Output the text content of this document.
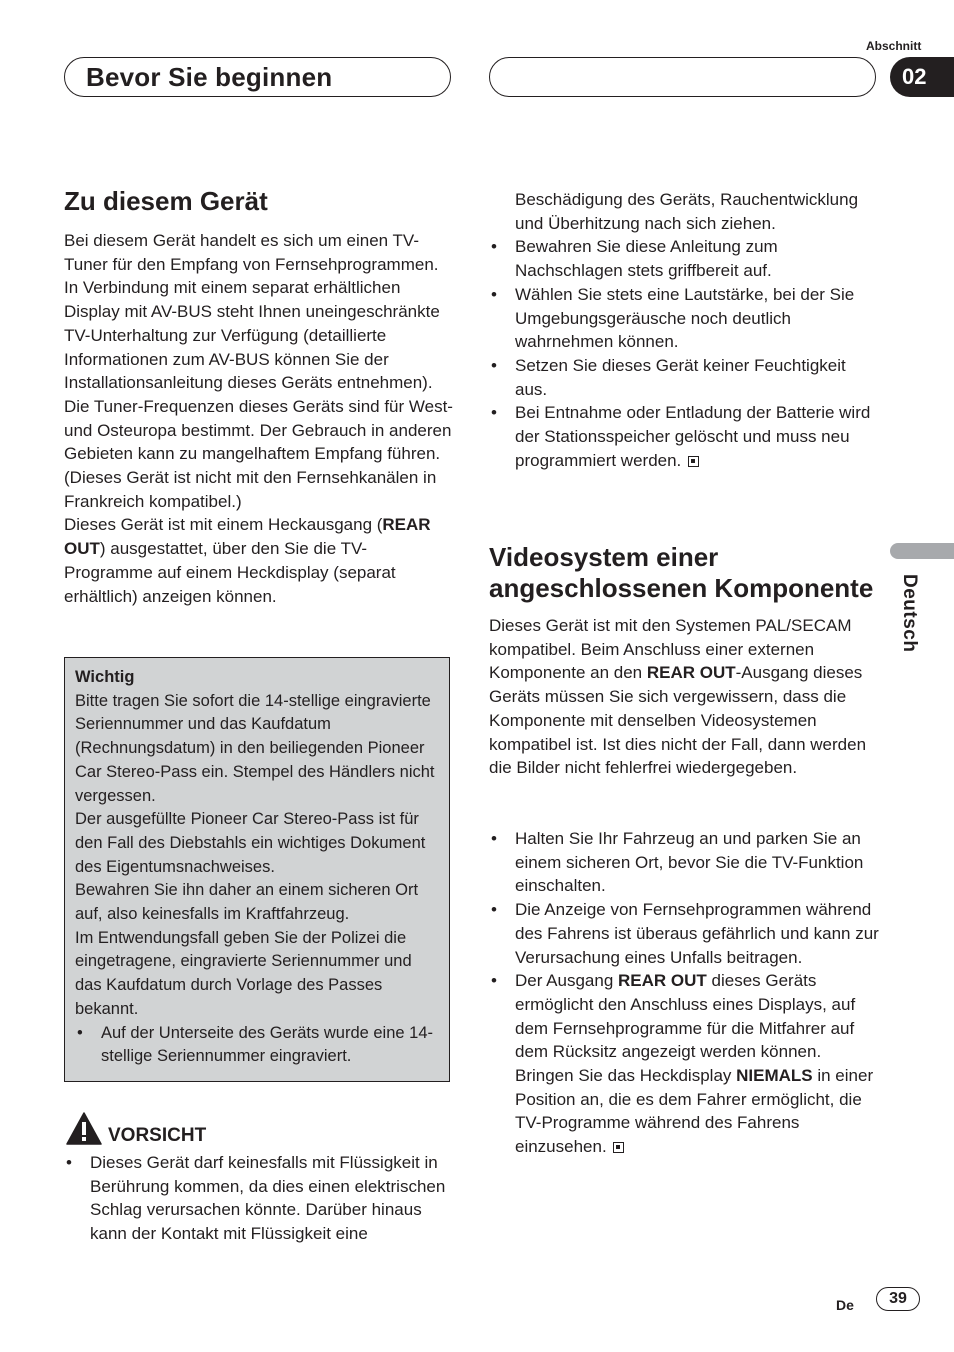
Bevor Sie beginnen
Abschnitt
02
Deutsch
Zu diesem Gerät

Bei diesem Gerät handelt es sich um einen TV-Tuner für den Empfang von Fernsehprogrammen. In Verbindung mit einem separat erhältlichen Display mit AV-BUS steht Ihnen uneingeschränkte TV-Unterhaltung zur Verfügung (detaillierte Informationen zum AV-BUS können Sie der Installationsanleitung dieses Geräts entnehmen). Die Tuner-Frequenzen dieses Geräts sind für West- und Osteuropa bestimmt. Der Gebrauch in anderen Gebieten kann zu mangelhaftem Empfang führen. (Dieses Gerät ist nicht mit den Fernsehkanälen in Frankreich kompatibel.)

Dieses Gerät ist mit einem Heckausgang (REAR OUT) ausgestattet, über den Sie die TV-Programme auf einem Heckdisplay (separat erhältlich) anzeigen können.

Wichtig

Bitte tragen Sie sofort die 14-stellige eingravierte Seriennummer und das Kaufdatum (Rechnungsdatum) in den beiliegenden Pioneer Car Stereo-Pass ein. Stempel des Händlers nicht vergessen.

Der ausgefüllte Pioneer Car Stereo-Pass ist für den Fall des Diebstahls ein wichtiges Dokument des Eigentumsnachweises.

Bewahren Sie ihn daher an einem sicheren Ort auf, also keinesfalls im Kraftfahrzeug.

Im Entwendungsfall geben Sie der Polizei die eingetragene, eingravierte Seriennummer und das Kaufdatum durch Vorlage des Passes bekannt.

• Auf der Unterseite des Geräts wurde eine 14-stellige Seriennummer eingraviert.
VORSICHT
• Dieses Gerät darf keinesfalls mit Flüssigkeit in Berührung kommen, da dies einen elektrischen Schlag verursachen könnte. Darüber hinaus kann der Kontakt mit Flüssigkeit eine
Beschädigung des Geräts, Rauchentwicklung und Überhitzung nach sich ziehen.
• Bewahren Sie diese Anleitung zum Nachschlagen stets griffbereit auf.
• Wählen Sie stets eine Lautstärke, bei der Sie Umgebungsgeräusche noch deutlich wahrnehmen können.
• Setzen Sie dieses Gerät keiner Feuchtigkeit aus.
• Bei Entnahme oder Entladung der Batterie wird der Stationsspeicher gelöscht und muss neu programmiert werden.
Videosystem einer angeschlossenen Komponente

Dieses Gerät ist mit den Systemen PAL/SECAM kompatibel. Beim Anschluss einer externen Komponente an den REAR OUT-Ausgang dieses Geräts müssen Sie sich vergewissern, dass die Komponente mit denselben Videosystemen kompatibel ist. Ist dies nicht der Fall, dann werden die Bilder nicht fehlerfrei wiedergegeben.

• Halten Sie Ihr Fahrzeug an und parken Sie an einem sicheren Ort, bevor Sie die TV-Funktion einschalten.
• Die Anzeige von Fernsehprogrammen während des Fahrens ist überaus gefährlich und kann zur Verursachung eines Unfalls beitragen.
• Der Ausgang REAR OUT dieses Geräts ermöglicht den Anschluss eines Displays, auf dem Fernsehprogramme für die Mitfahrer auf dem Rücksitz angezeigt werden können.
Bringen Sie das Heckdisplay NIEMALS in einer Position an, die es dem Fahrer ermöglicht, die TV-Programme während des Fahrens einzusehen.
De	39
